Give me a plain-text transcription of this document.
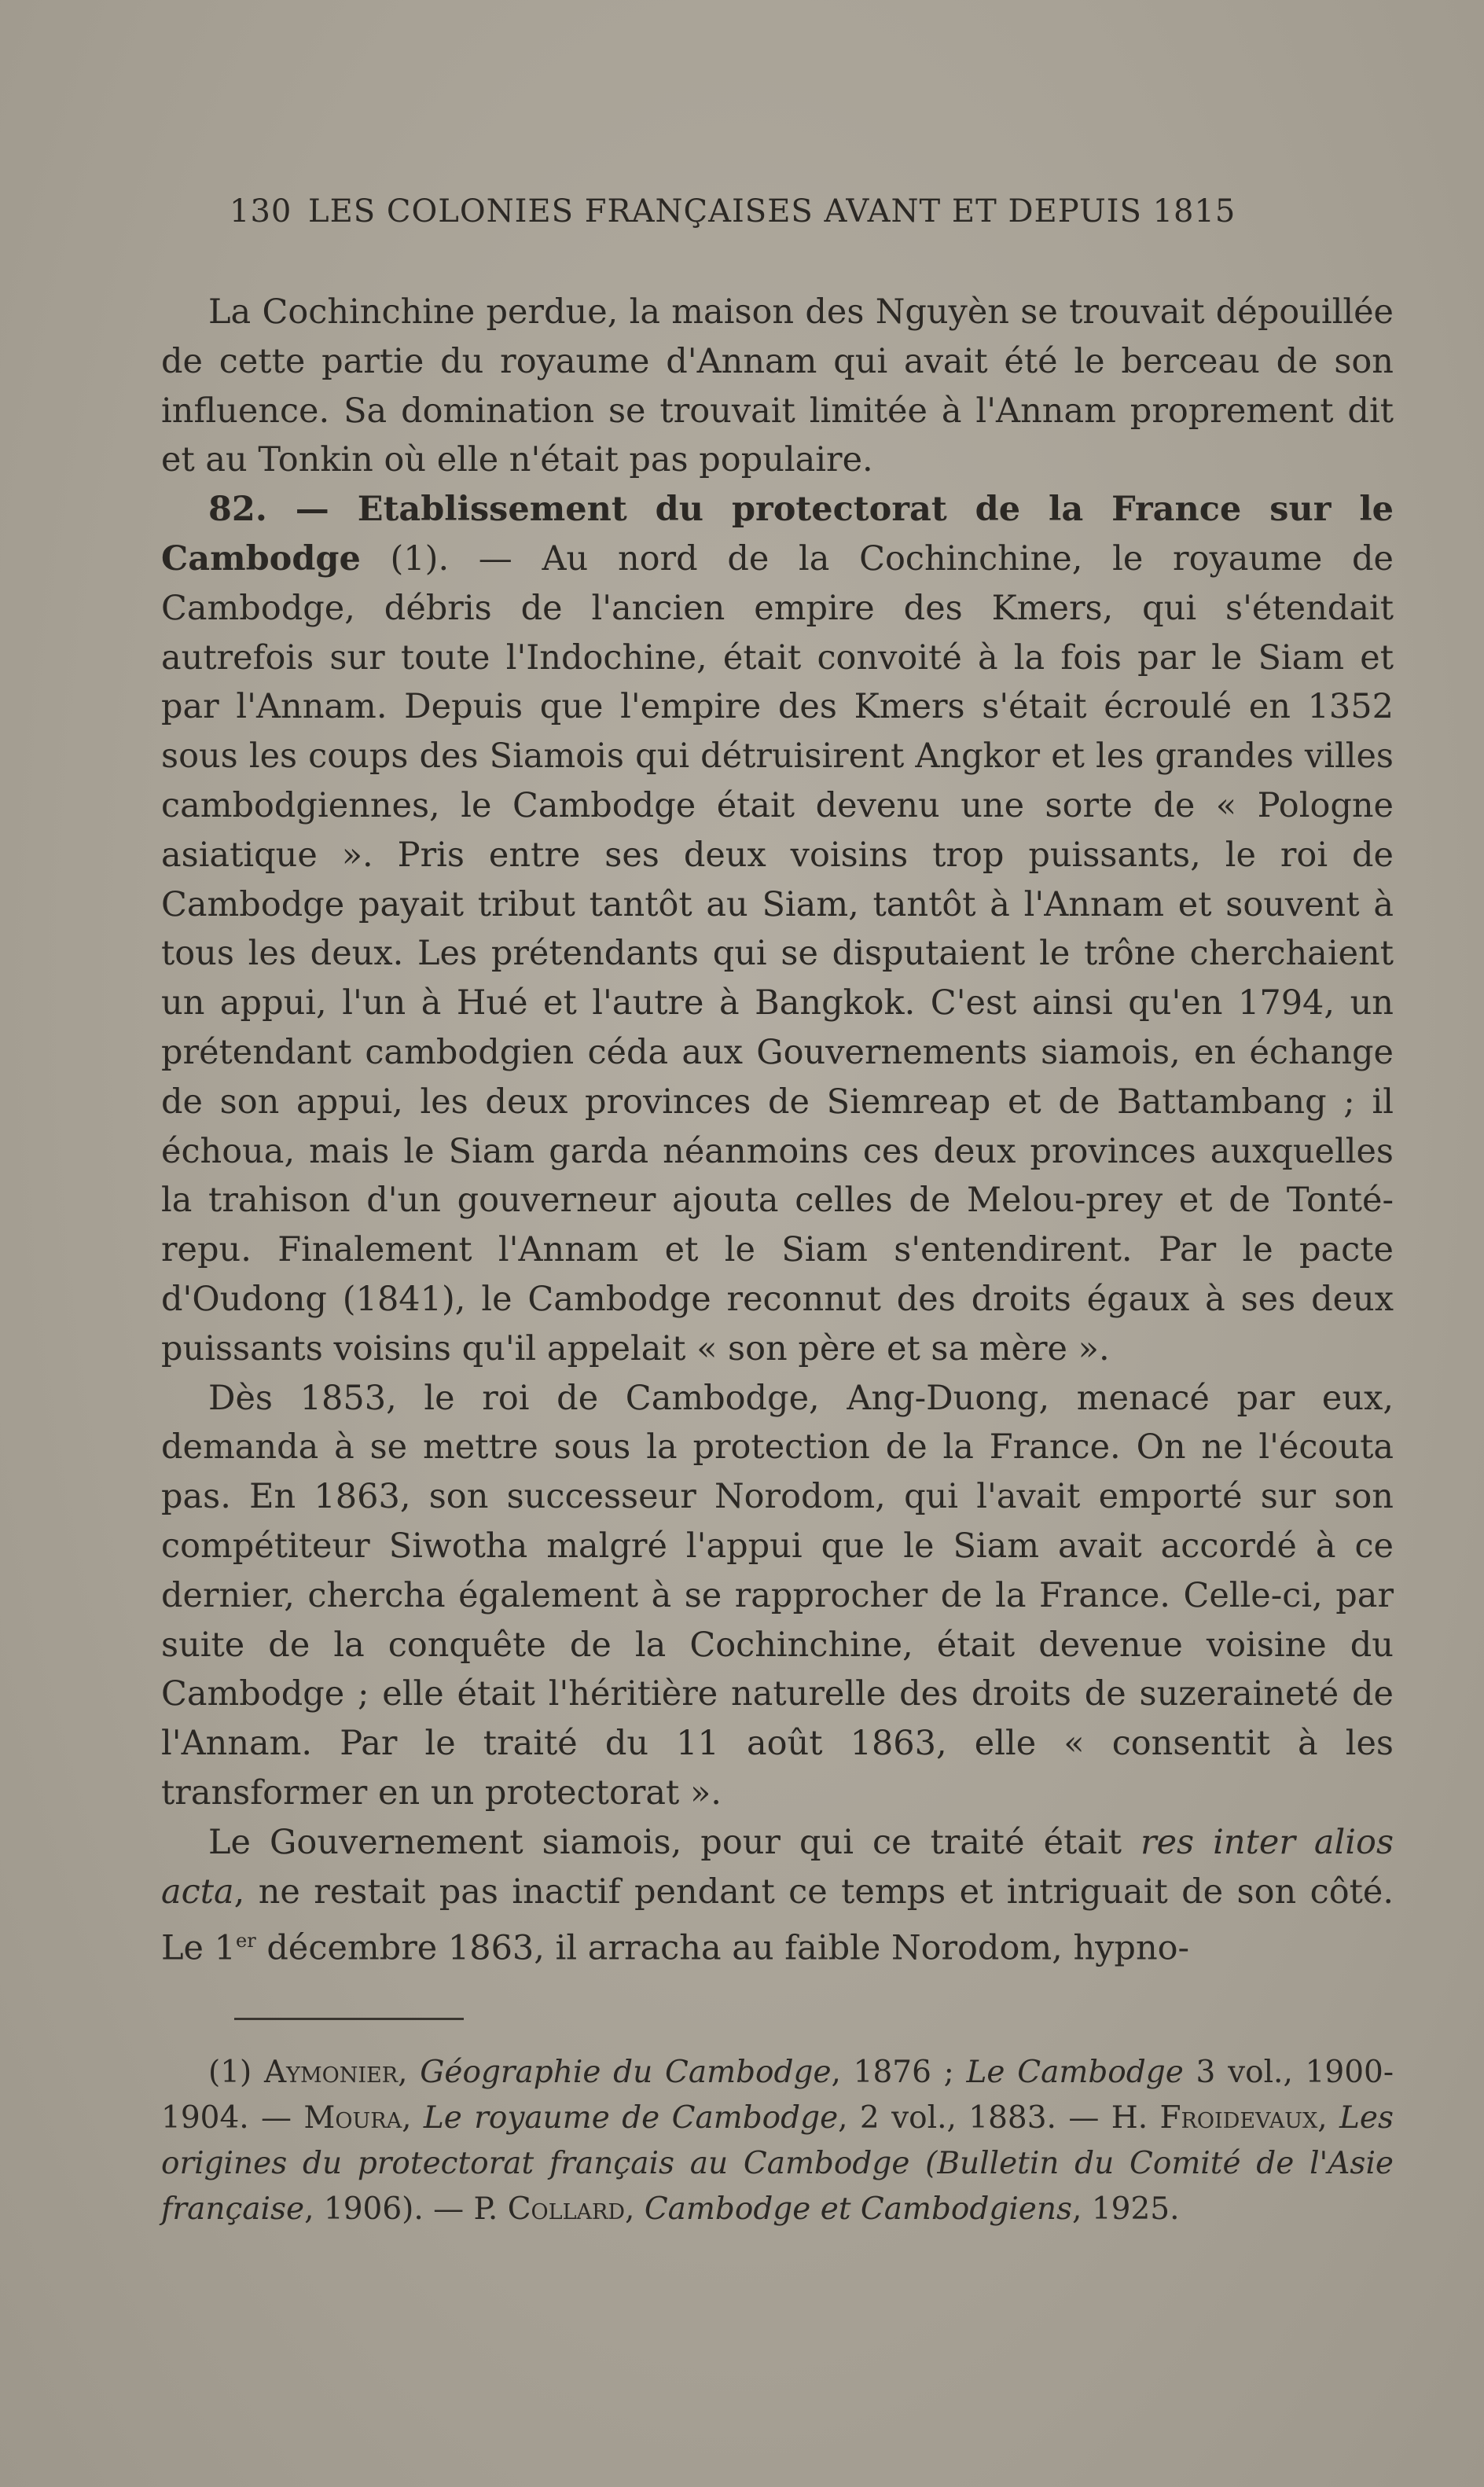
130 LES COLONIES FRANÇAISES AVANT ET DEPUIS 1815

La Cochinchine perdue, la maison des Nguyèn se trouvait dépouillée de cette partie du royaume d'Annam qui avait été le berceau de son influence. Sa domination se trouvait limitée à l'Annam proprement dit et au Tonkin où elle n'était pas populaire.

82. — Etablissement du protectorat de la France sur le Cambodge (1). — Au nord de la Cochinchine, le royaume de Cambodge, débris de l'ancien empire des Kmers, qui s'étendait autrefois sur toute l'Indochine, était convoité à la fois par le Siam et par l'Annam. Depuis que l'empire des Kmers s'était écroulé en 1352 sous les coups des Siamois qui détruisirent Angkor et les grandes villes cambodgiennes, le Cambodge était devenu une sorte de « Pologne asiatique ». Pris entre ses deux voisins trop puissants, le roi de Cambodge payait tribut tantôt au Siam, tantôt à l'Annam et souvent à tous les deux. Les prétendants qui se disputaient le trône cherchaient un appui, l'un à Hué et l'autre à Bangkok. C'est ainsi qu'en 1794, un prétendant cambodgien céda aux Gouvernements siamois, en échange de son appui, les deux provinces de Siemreap et de Battambang ; il échoua, mais le Siam garda néanmoins ces deux provinces auxquelles la trahison d'un gouverneur ajouta celles de Melou-prey et de Tonté-repu. Finalement l'Annam et le Siam s'entendirent. Par le pacte d'Oudong (1841), le Cambodge reconnut des droits égaux à ses deux puissants voisins qu'il appelait « son père et sa mère ».

Dès 1853, le roi de Cambodge, Ang-Duong, menacé par eux, demanda à se mettre sous la protection de la France. On ne l'écouta pas. En 1863, son successeur Norodom, qui l'avait emporté sur son compétiteur Siwotha malgré l'appui que le Siam avait accordé à ce dernier, chercha également à se rapprocher de la France. Celle-ci, par suite de la conquête de la Cochinchine, était devenue voisine du Cambodge ; elle était l'héritière naturelle des droits de suzeraineté de l'Annam. Par le traité du 11 août 1863, elle « consentit à les transformer en un protectorat ».

Le Gouvernement siamois, pour qui ce traité était res inter alios acta, ne restait pas inactif pendant ce temps et intriguait de son côté. Le 1er décembre 1863, il arracha au faible Norodom, hypno-

(1) Aymonier, Géographie du Cambodge, 1876 ; Le Cambodge 3 vol., 1900-1904. — Moura, Le royaume de Cambodge, 2 vol., 1883. — H. Froidevaux, Les origines du protectorat français au Cambodge (Bulletin du Comité de l'Asie française, 1906). — P. Collard, Cambodge et Cambodgiens, 1925.
